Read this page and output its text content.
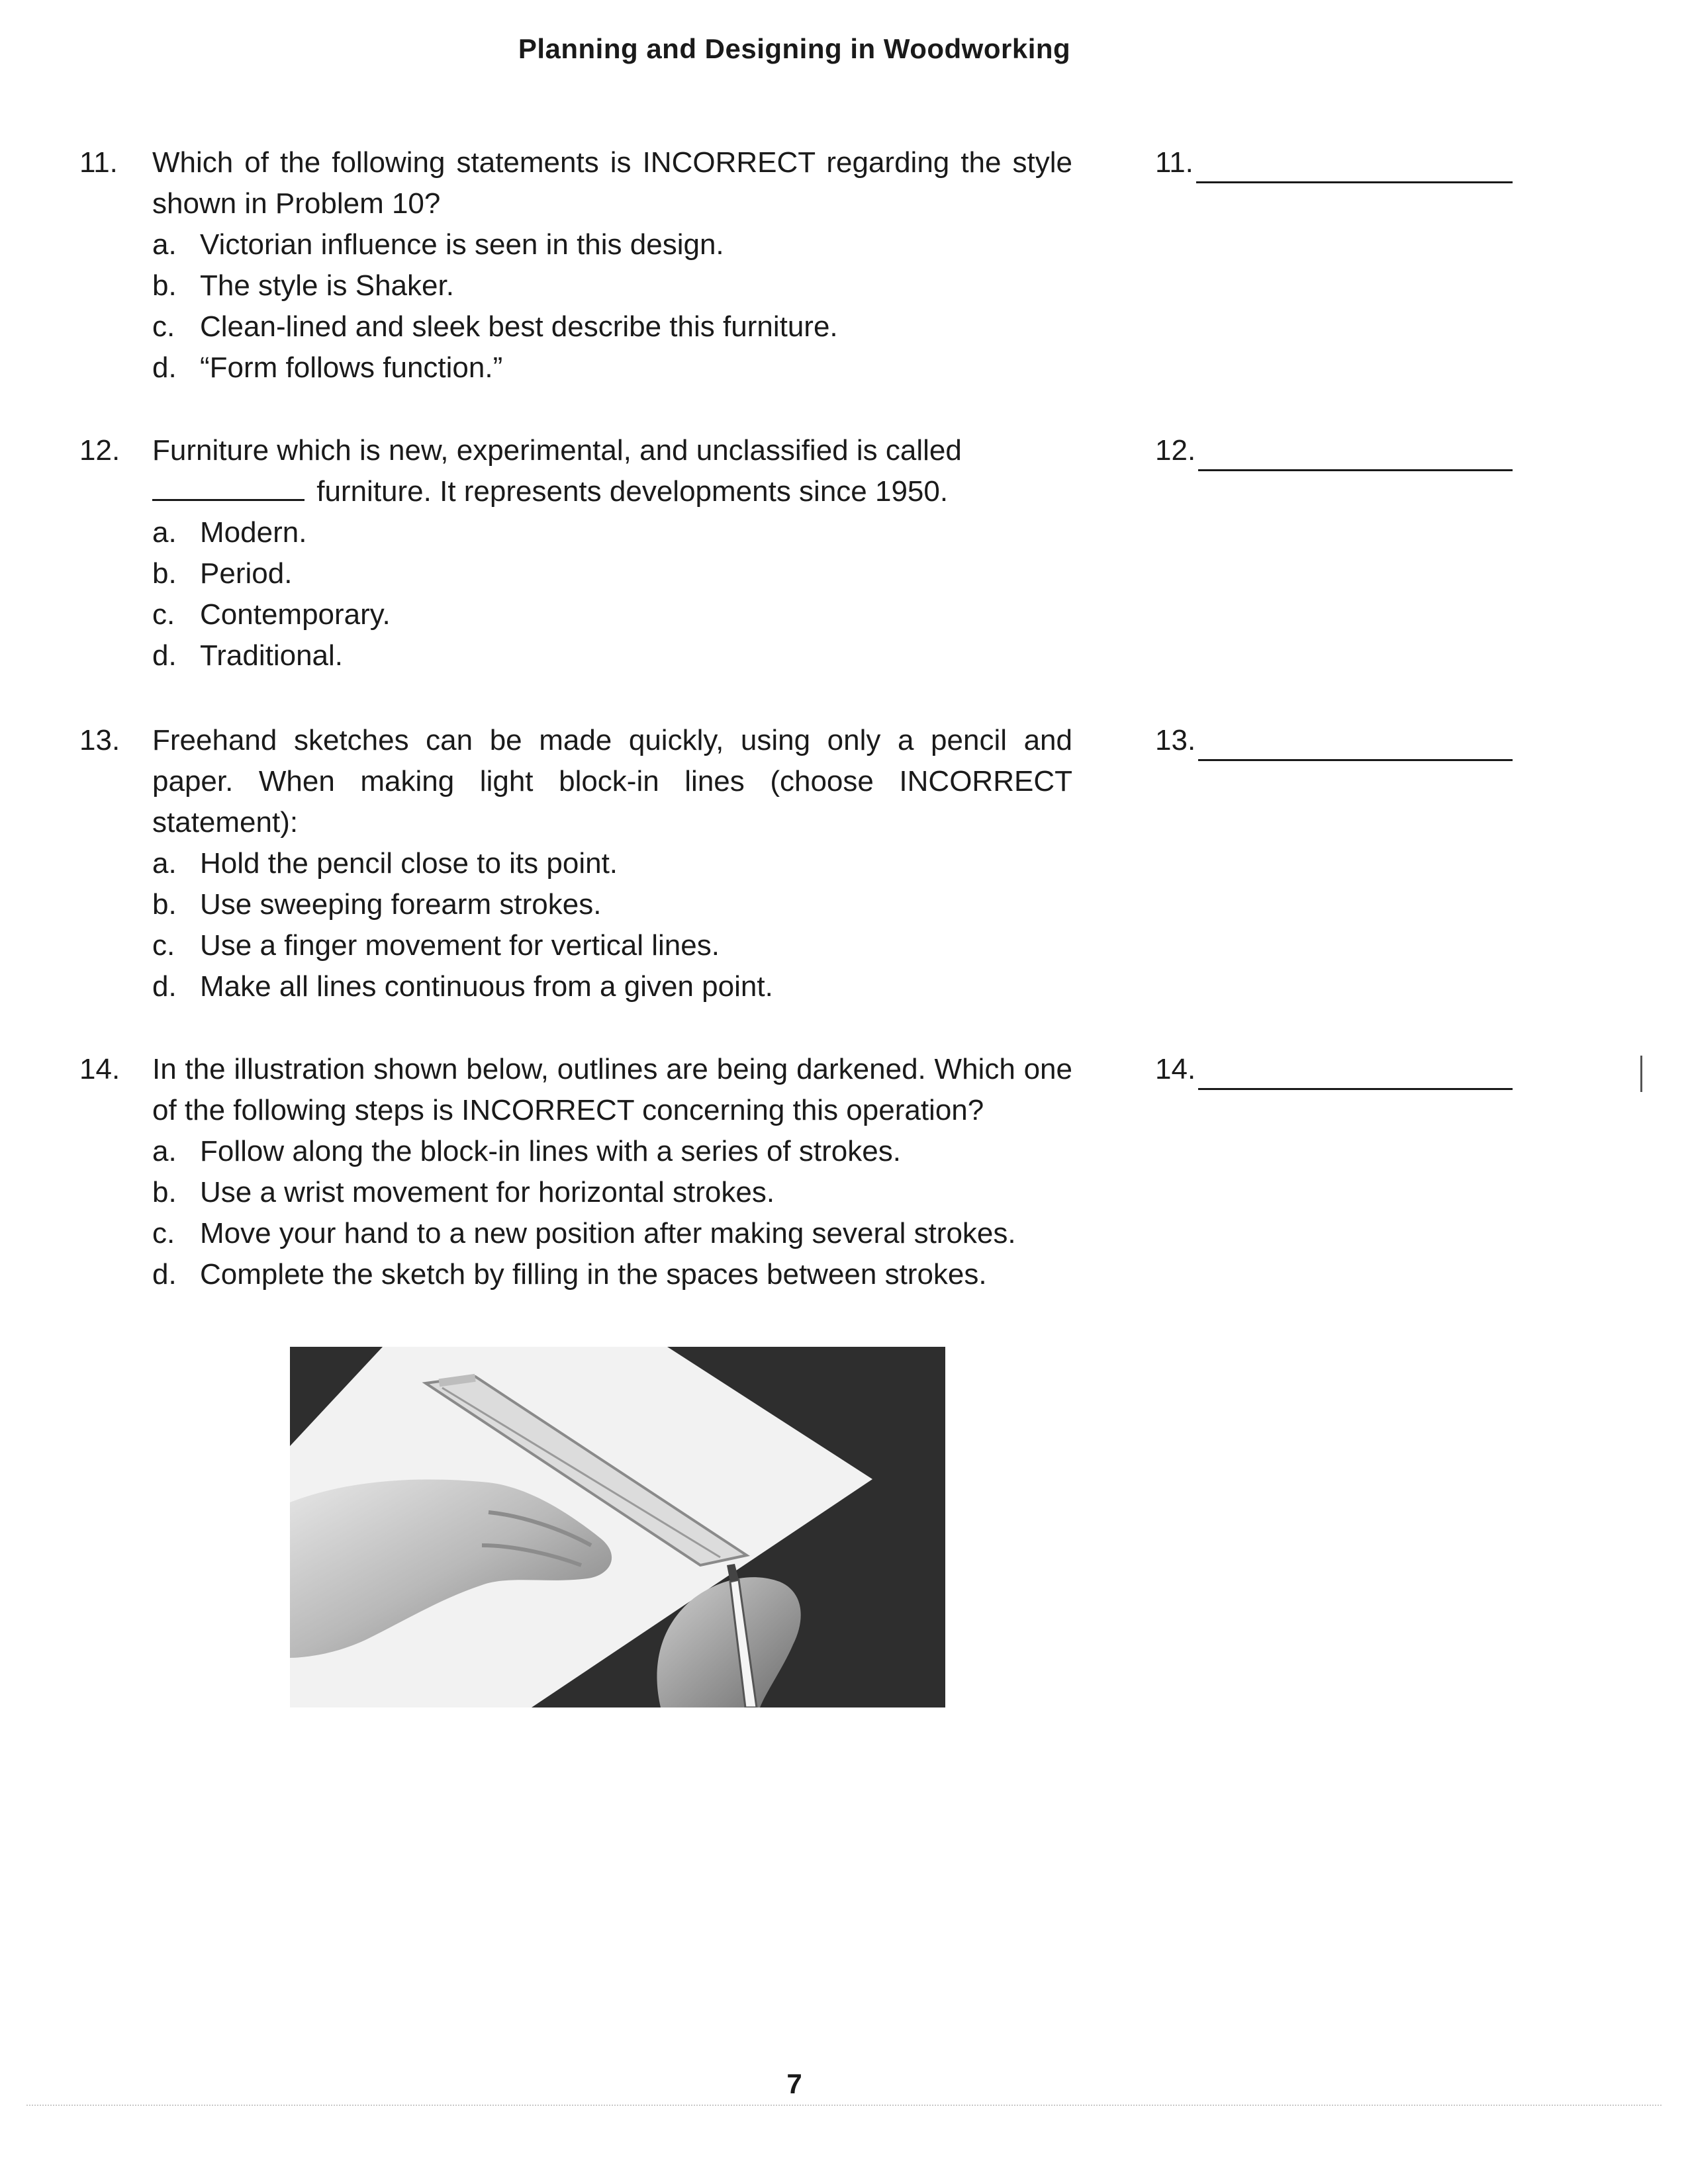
Planning and Designing in Woodworking
11.	Which of the following statements is INCORRECT regarding the style shown in Problem 10?
a. Victorian influence is seen in this design.
b. The style is Shaker.
c. Clean-lined and sleek best describe this furniture.
d. “Form follows function.”
11.
12.	Furniture which is new, experimental, and unclassified is called
furniture. It represents developments since 1950.
a. Modern.
b. Period.
c. Contemporary.
d. Traditional.
12.
13.	Freehand sketches can be made quickly, using only a pencil and paper. When making light block-in lines (choose INCORRECT statement):
a. Hold the pencil close to its point.
b. Use sweeping forearm strokes.
c. Use a finger movement for vertical lines.
d. Make all lines continuous from a given point.
13.
14.	In the illustration shown below, outlines are being darkened. Which one of the following steps is INCORRECT concerning this operation?
a. Follow along the block-in lines with a series of strokes.
b. Use a wrist movement for horizontal strokes.
c. Move your hand to a new position after making several strokes.
d. Complete the sketch by filling in the spaces between strokes.
14.
7
